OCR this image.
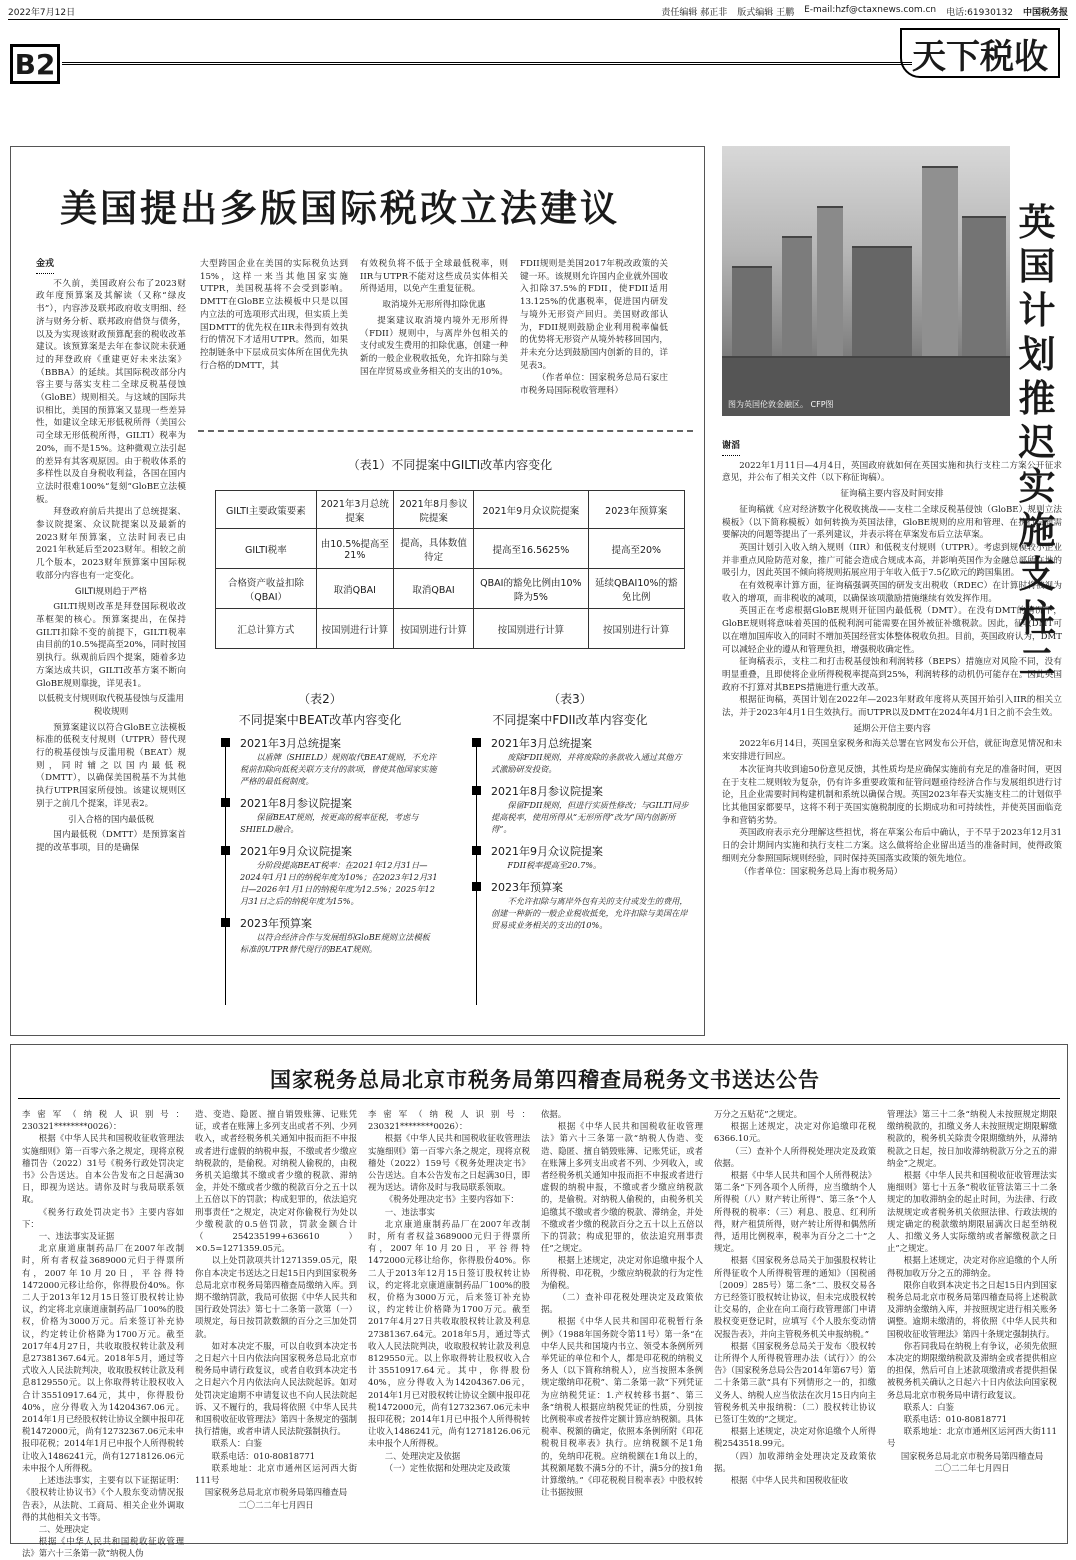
2022年7月12日	责任编辑 郝正非 版式编辑 王鹏 E-mail:hzf@ctaxnews.com.cn 电话:61930132 中国税务报
B2	天下税收
美国提出多版国际税改立法建议
金戎

不久前，美国政府公布了2023财政年度预算案及其解读（又称“绿皮书”），内容涉及联邦政府收支明细、经济与财务分析、联邦政府借贷与债务，以及为实现该财政预算配套的税收改革建议。该预算案是去年在参议院未获通过的拜登政府《重建更好未来法案》（BBBA）的延续。其国际税改部分内容主要与落实支柱二全球反税基侵蚀（GloBE）规则相关。与这域的国际共识相比，美国的预算案又显现一些差异性，如建议全球无形低税所得（美国公司全球无形低税所得，GILTI）税率为20%，而不是15%。这种微观立法引起的差异有其客观原因。由于税收体系的多样性以及自身税收利益，各国在国内立法时很难100%“复刻”GloBE立法模板。

拜登政府前后共提出了总统提案、参议院提案、众议院提案以及最新的2023财年预算案，立法时间表已由2021年秋延后至2023财年。相较之前几个版本，2023财年预算案中国际税收部分内容也有一定变化。

GILTI规则趋于严格

GILTI规则改革是拜登国际税收改革框架的核心。预算案提出，在保持GILTI扣除不变的前提下，GILTI税率由目前的10.5%提高至20%，同时按国别执行。纵观前后四个提案，随着多边方案达成共识，GILTI改革方案不断向GloBE规则靠拢，详见表1。

以低税支付规则取代税基侵蚀与反滥用税收规则

预算案建议以符合GloBE立法模板标准的低税支付规则（UTPR）替代现行的税基侵蚀与反滥用税（BEAT）规则，同时辅之以国内最低税（DMTT），以确保美国税基不为其他执行UTPR国家所侵蚀。该建议规则区别于之前几个提案，详见表2。

引入合格的国内最低税

国内最低税（DMTT）是预算案首提的改革事项，目的是确保

大型跨国企业在美国的实际税负达到15%，这样一来当其他国家实施UTPR，美国税基将不会受到影响。DMTT在GloBE立法模板中只是以国内立法的可选项形式出现，但实质上美国DMTT的优先权在IIR未得到有效执行的情况下才适用UTPR。然而，如果控制链条中下层成员实体所在国优先执行合格的DMTT，其

有效税负将不低于全球最低税率，则IIR与UTPR不能对这些成员实体相关所得适用，以免产生重复征税。

取消境外无形所得扣除优惠

提案建议取消境内境外无形所得（FDII）规则中，与离岸外包相关的支付或发生费用的扣除优惠，创建一种新的一般企业税收抵免，允许扣除与美国在岸贸易或业务相关的支出的10%。

FDII规则是美国2017年税改政策的关键一环。该规则允许国内企业就外国收入扣除37.5%的FDII，使FDII适用13.125%的优惠税率，促进国内研发与境外无形资产回归。美国财政部认为，FDII规则鼓励企业利用税率偏低的优势将无形资产从境外转移回国内，并未充分达到鼓励国内创新的目的，详见表3。

（作者单位：国家税务总局石家庄市税务局国际税收管理科）

（表1）不同提案中GILTI改革内容变化
GILTI主要政策要素	2021年3月总统提案	2021年8月参议院提案	2021年9月众议院提案	2023年预算案
GILTI税率	由10.5%提高至21%	提高，具体数值待定	提高至16.5625%	提高至20%
合格资产收益扣除（QBAI）	取消QBAI	取消QBAI	QBAI的豁免比例由10%降为5%	延续QBAI10%的豁免比例
汇总计算方式	按国别进行计算	按国别进行计算	按国别进行计算	按国别进行计算
（表2）
不同提案中BEAT改革内容变化
2021年3月总统提案
以盾牌（SHIELD）规则取代BEAT规则，不允许税前扣除向低税关联方支付的款项，曾使其他国家实施严格的最低税制度。
2021年8月参议院提案
保留BEAT规则，按更高的税率征税，考虑与SHIELD融合。
2021年9月众议院提案
分阶段提高BEAT税率：在2021年12月31日—2024年1月1日的纳税年度为10%；在2023年12月31日—2026年1月1日的纳税年度为12.5%；2025年12月31日之后的纳税年度为15%。
2023年预算案
以符合经济合作与发展组织GloBE规则立法模板标准的UTPR替代现行的BEAT规则。
（表3）
不同提案中FDII改革内容变化
2021年3月总统提案
废除FDII规则，并将废除的条款收入通过其他方式激励研发投资。
2021年8月参议院提案
保留FDII规则，但进行实质性修改；与GILTI同步提高税率，使用所得从“无形所得”改为“国内创新所得”。
2021年9月众议院提案
FDII税率提高至20.7%。
2023年预算案
不允许扣除与离岸外包有关的支付或发生的费用，创建一种新的一般企业税收抵免，允许扣除与美国在岸贸易或业务相关的支出的10%。
图为英国伦敦金融区。 CFP图
英国计划推迟实施支柱二
谢滔

2022年1月11日—4月4日，英国政府就如何在英国实施和执行支柱二方案公开征求意见，并公布了相关文件（以下称征询稿）。

征询稿主要内容及时间安排

征询稿就《应对经济数字化税收挑战——支柱二全球反税基侵蚀（GloBE）规则立法模板》（以下简称模板）如何转换为英国法律，GloBE规则的应用和管理、在执行层面需要解决的问题等提出了一系列建议，并表示将在草案发布后立法草案。

英国计划引入收入纳入规则（IIR）和低税支付规则（UTPR）。考虑到规模较小企业并非重点风险防范对象，推广可能会造成合规成本高，并影响英国作为金融总部所在地的吸引力，因此英国不倾向将规则拓展应用于年收入低于7.5亿欧元的跨国集团。

在有效税率计算方面，征询稿强调英国的研发支出税收（RDEC）在计算时将被视为收入的增项，而非税收的减项，以确保该项激励措施继续有效发挥作用。

英国正在考虑根据GloBE规则开征国内最低税（DMT）。在没有DMT的情况下，GloBE规则将意味着英国的低税利润可能需要在国外被征补缴税款。因此，征收DMT可以在增加国库收入的同时不增加英国经营实体整体税收负担。目前，英国政府认为，DMT可以减轻企业的遵从和管理负担，增强税收确定性。

征询稿表示，支柱二和打击税基侵蚀和利润转移（BEPS）措施应对风险不同，没有明显重叠，且即使将企业所得税税率提高到25%，利润转移的动机仍可能存在。因此英国政府不打算对其BEPS措施进行重大改革。

根据征询稿，英国计划在2022年—2023年财政年度将从英国开始引入IIR的相关立法，并于2023年4月1日生效执行。而UTPR以及DMT在2024年4月1日之前不会生效。

延期公开信主要内容

2022年6月14日，英国皇家税务和海关总署在官网发布公开信，就征询意见情况和未来安排进行回应。

本次征询共收到逾50份意见反馈，其性质均是应确保实施前有充足的准备时间，更因在于支柱二规则较为复杂，仍有许多重要政策和征管问题亟待经济合作与发展组织进行讨论，且企业需要时间构建机制和系统以确保合规。英国2023年春天实施支柱二的计划似乎比其他国家都要早，这将不利于英国实施税制度的长期成功和可持续性，并使英国面临竞争和营销劣势。

英国政府表示充分理解这些担忧，将在草案公布后中确认，于不早于2023年12月31日的会计期间内实施和执行支柱二方案。这么做将给企业留出适当的准备时间，使得政策细则充分参照国际规则经验，同时保持英国落实政策的领先地位。

（作者单位：国家税务总局上海市税务局）

国家税务总局北京市税务局第四稽查局税务文书送达公告

李密军（纳税人识别号：230321********0026）：

根据《中华人民共和国税收征收管理法实施细则》第一百零六条之规定，现将京税稽罚告（2022）31号《税务行政处罚决定书》公告送达。自本公告发布之日起满30日，即视为送达。请你及时与我局联系领取。

《税务行政处罚决定书》主要内容如下：

一、违法事实及证据

北京康道康制药品厂在2007年改制时，所有者权益3689000元归于得票所有，2007年10月20日，平谷得特1472000元移让给你，你得股份40%。你二人于2013年12月15日签订股权转让协议，约定将北京康道康制药品厂100%的股权，价格为3000万元。后来签订补充协议，约定转让价格降为1700万元。截至2017年4月27日，共收取股权转让款及利息27381367.64元。2018年5月，通过等式收入人民法院判决，收取股权转让款及利息8129550元。以上你取得转让股权收入合计35510917.64元，其中，你得股份40%，应分得收入为14204367.06元。2014年1月已经股权转让协议全额申报印花税1472000元，尚有12732367.06元未申报印花税；2014年1月已申报个人所得税转让收入1486241元，尚有12718126.06元未申报个人所得税。

上述违法事实，主要有以下证据证明：《股权转让协议书》《个人股东变动情况报告表》，从法院、工商局、相关企业外调取得的其他相关文书等。

二、处理决定

根据《中华人民共和国税收征收管理法》第六十三条第一款“纳税人伪

造、变造、隐匿、擅自销毁账簿、记账凭证，或者在账簿上多列支出或者不列、少列收入，或者经税务机关通知申报而拒不申报或者进行虚假的纳税申报，不缴或者少缴应纳税款的，是偷税。对纳税人偷税的，由税务机关追缴其不缴或者少缴的税款、滞纳金，并处不缴或者少缴的税款百分之五十以上五倍以下的罚款；构成犯罪的，依法追究刑事责任”之规定，决定对你偷税行为处以少缴税款的0.5倍罚款，罚款金额合计（254235199+636610）×0.5=1271359.05元。

以上处罚款项共计1271359.05元，限你自本决定书送达之日起15日内到国家税务总局北京市税务局第四稽查局缴纳入库。到期不缴纳罚款，我局可依据《中华人民共和国行政处罚法》第七十二条第一款第（一）项规定，每日按罚款数额的百分之三加处罚款。

如对本决定不服，可以自收到本决定书之日起六十日内依法向国家税务总局北京市税务局申请行政复议，或者自收到本决定书之日起六个月内依法向人民法院起诉。如对处罚决定逾期不申请复议也不向人民法院起诉、又不履行的，我局将依照《中华人民共和国税收征收管理法》第四十条规定的强制执行措施，或者申请人民法院强制执行。

联系人：白鉴

联系电话：010-80818771

联系地址：北京市通州区运河西大街111号

国家税务总局北京市税务局第四稽查局

二〇二二年七月四日

李密军（纳税人识别号：230321********0026）：

根据《中华人民共和国税收征收管理法实施细则》第一百零六条之规定，现将京税稽处（2022）159号《税务处理决定书》公告送达。自本公告发布之日起满30日，即视为送达。请你及时与我局联系领取。

《税务处理决定书》主要内容如下：

一、违法事实

北京康道康制药品厂在2007年改制时，所有者权益3689000元归于得票所有，2007年10月20日，平谷得特1472000元移让给你，你得股份40%。你二人于2013年12月15日签订股权转让协议，约定将北京康道康制药品厂100%的股权，价格为3000万元，后来签订补充协议，约定转让价格降为1700万元。截至2017年4月27日共收取股权转让款及利息27381367.64元。2018年5月，通过等式收入人民法院判决，收取股权转让款及利息8129550元。以上你取得转让股权收入合计35510917.64元。其中，你得股份40%，应分得收入为14204367.06元，2014年1月已对股权转让协议全额申报印花税1472000元，尚有12732367.06元未申报印花税；2014年1月已申报个人所得税转让收入1486241元，尚有12718126.06元未申报个人所得税。

二、处理决定及依据

（一）定性依据和处理决定及政策

依据。

根据《中华人民共和国税收征收管理法》第六十三条第一款“纳税人伪造、变造、隐匿、擅自销毁账簿、记账凭证，或者在账簿上多列支出或者不列、少列收入，或者经税务机关通知申报而拒不申报或者进行虚假的纳税申报，不缴或者少缴应纳税款的，是偷税。对纳税人偷税的，由税务机关追缴其不缴或者少缴的税款、滞纳金，并处不缴或者少缴的税款百分之五十以上五倍以下的罚款；构成犯罪的，依法追究刑事责任”之规定。

根据上述规定，决定对你追缴申报个人所得税、印花税，少缴应纳税款的行为定性为偷税。

（二）查补印花税处理决定及政策依据。

根据《中华人民共和国印花税暂行条例》（1988年国务院令第11号）第一条“在中华人民共和国境内书立、领受本条例所列举凭证的单位和个人，都是印花税的纳税义务人（以下简称纳税人），应当按照本条例规定缴纳印花税”、第二条第一款“下列凭证为应纳税凭证：1.产权转移书据”、第三条“纳税人根据应纳税凭证的性质，分别按比例税率或者按件定额计算应纳税额。具体税率、税额的确定，依照本条例所附《印花税税目税率表》执行。应纳税额不足1角的，免纳印花税。应纳税额在1角以上的，其税额尾数不满5分的不计，满5分的按1角计算缴纳。”《印花税税目税率表》中股权转让书据按照

万分之五贴花”之规定。

根据上述规定，决定对你追缴印花税6366.10元。

（三）查补个人所得税处理决定及政策依据。

根据《中华人民共和国个人所得税法》第二条“下列各项个人所得，应当缴纳个人所得税（八）财产转让所得”、第三条“个人所得税的税率：（三）利息、股息、红利所得，财产租赁所得，财产转让所得和偶然所得，适用比例税率，税率为百分之二十”之规定。

根据《国家税务总局关于加强股权转让所得征收个人所得税管理的通知》（国税函〔2009〕285号）第二条“二、股权交易各方已经签订股权转让协议，但未完成股权转让交易的，企业在向工商行政管理部门申请股权变更登记时，应填写《个人股东变动情况报告表》，并向主管税务机关申报纳税。”

根据《国家税务总局关于发布〈股权转让所得个人所得税管理办法（试行）〉的公告》（国家税务总局公告2014年第67号）第二十条第三款“具有下列情形之一的，扣缴义务人、纳税人应当依法在次月15日内向主管税务机关申报纳税：（二）股权转让协议已签订生效的”之规定。

根据上述规定，决定对你追缴个人所得税2543518.99元。

（四）加收滞纳金处理决定及政策依据。

根据《中华人民共和国税收征收

管理法》第三十二条“纳税人未按照规定期限缴纳税款的，扣缴义务人未按照规定期限解缴税款的，税务机关除责令限期缴纳外，从滞纳税款之日起，按日加收滞纳税款万分之五的滞纳金”之规定。

根据《中华人民共和国税收征收管理法实施细则》第七十五条“税收征管法第三十二条规定的加收滞纳金的起止时间，为法律、行政法规规定或者税务机关依照法律、行政法规的规定确定的税款缴纳期限届满次日起至纳税人、扣缴义务人实际缴纳或者解缴税款之日止”之规定。

根据上述规定，决定对你应追缴的个人所得税加收万分之五的滞纳金。

限你自收到本决定书之日起15日内到国家税务总局北京市税务局第四稽查局将上述税款及滞纳金缴纳入库，并按照规定进行相关账务调整。逾期未缴清的，将依照《中华人民共和国税收征收管理法》第四十条规定强制执行。

你若同我局在纳税上有争议，必须先依照本决定的期限缴纳税款及滞纳金或者提供相应的担保，然后可自上述款项缴清或者提供担保被税务机关确认之日起六十日内依法向国家税务总局北京市税务局申请行政复议。

联系人：白鉴

联系电话：010-80818771

联系地址：北京市通州区运河西大街111号

国家税务总局北京市税务局第四稽查局

二〇二二年七月四日
